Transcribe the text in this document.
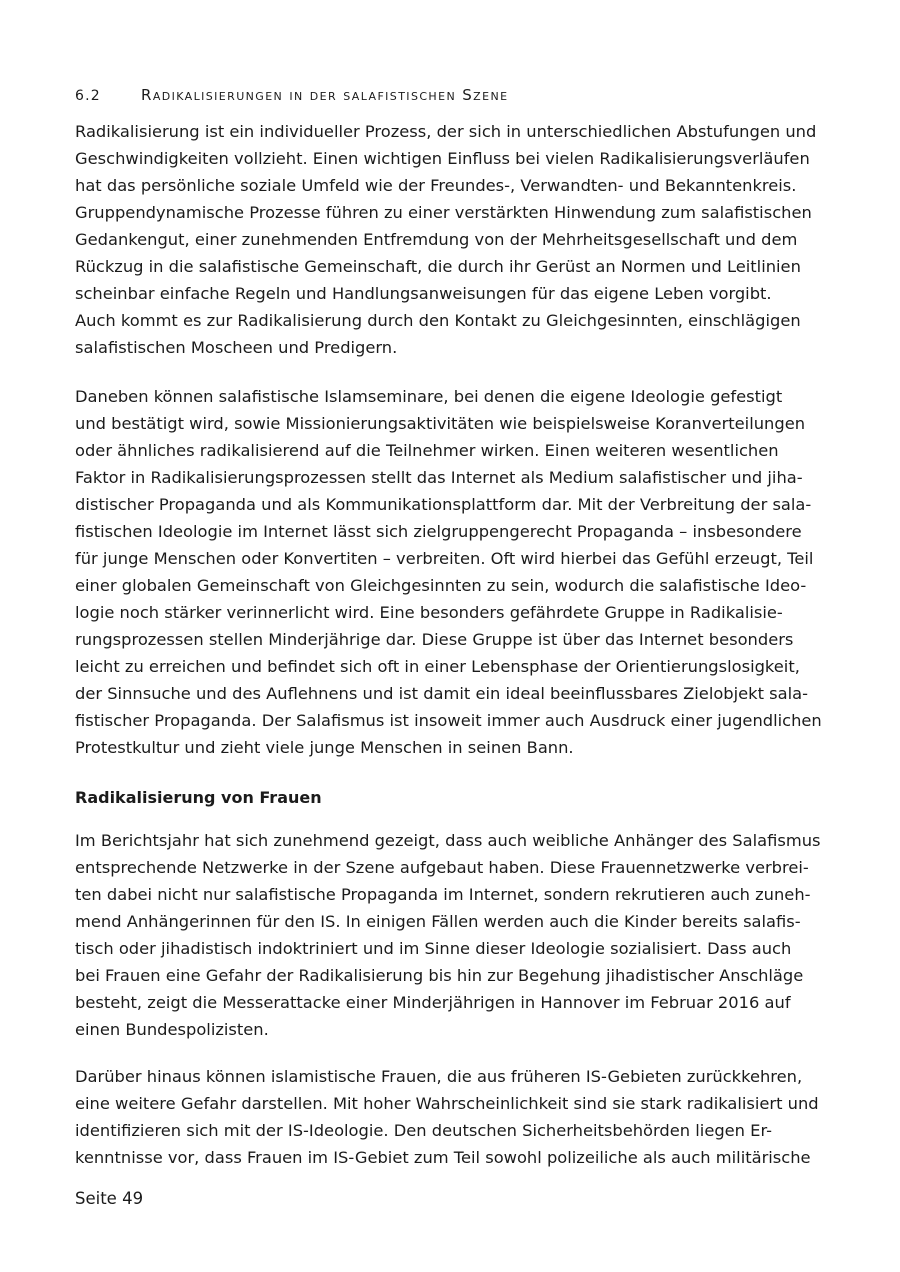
6.2	Radikalisierungen in der salafistischen Szene
Radikalisierung ist ein individueller Prozess, der sich in unterschiedlichen Abstufungen und
Geschwindigkeiten vollzieht. Einen wichtigen Einfluss bei vielen Radikalisierungsverläufen
hat das persönliche soziale Umfeld wie der Freundes-, Verwandten- und Bekanntenkreis.
Gruppendynamische Prozesse führen zu einer verstärkten Hinwendung zum salafistischen
Gedankengut, einer zunehmenden Entfremdung von der Mehrheitsgesellschaft und dem
Rückzug in die salafistische Gemeinschaft, die durch ihr Gerüst an Normen und Leitlinien
scheinbar einfache Regeln und Handlungsanweisungen für das eigene Leben vorgibt.
Auch kommt es zur Radikalisierung durch den Kontakt zu Gleichgesinnten, einschlägigen
salafistischen Moscheen und Predigern.
Daneben können salafistische Islamseminare, bei denen die eigene Ideologie gefestigt
und bestätigt wird, sowie Missionierungsaktivitäten wie beispielsweise Koranverteilungen
oder ähnliches radikalisierend auf die Teilnehmer wirken. Einen weiteren wesentlichen
Faktor in Radikalisierungsprozessen stellt das Internet als Medium salafistischer und jiha-
distischer Propaganda und als Kommunikationsplattform dar. Mit der Verbreitung der sala-
fistischen Ideologie im Internet lässt sich zielgruppengerecht Propaganda – insbesondere
für junge Menschen oder Konvertiten – verbreiten. Oft wird hierbei das Gefühl erzeugt, Teil
einer globalen Gemeinschaft von Gleichgesinnten zu sein, wodurch die salafistische Ideo-
logie noch stärker verinnerlicht wird. Eine besonders gefährdete Gruppe in Radikalisie-
rungsprozessen stellen Minderjährige dar. Diese Gruppe ist über das Internet besonders
leicht zu erreichen und befindet sich oft in einer Lebensphase der Orientierungslosigkeit,
der Sinnsuche und des Auflehnens und ist damit ein ideal beeinflussbares Zielobjekt sala-
fistischer Propaganda. Der Salafismus ist insoweit immer auch Ausdruck einer jugendlichen
Protestkultur und zieht viele junge Menschen in seinen Bann.
Radikalisierung von Frauen
Im Berichtsjahr hat sich zunehmend gezeigt, dass auch weibliche Anhänger des Salafismus
entsprechende Netzwerke in der Szene aufgebaut haben. Diese Frauennetzwerke verbrei-
ten dabei nicht nur salafistische Propaganda im Internet, sondern rekrutieren auch zuneh-
mend Anhängerinnen für den IS. In einigen Fällen werden auch die Kinder bereits salafis-
tisch oder jihadistisch indoktriniert und im Sinne dieser Ideologie sozialisiert. Dass auch
bei Frauen eine Gefahr der Radikalisierung bis hin zur Begehung jihadistischer Anschläge
besteht, zeigt die Messerattacke einer Minderjährigen in Hannover im Februar 2016 auf
einen Bundespolizisten.
Darüber hinaus können islamistische Frauen, die aus früheren IS-Gebieten zurückkehren,
eine weitere Gefahr darstellen. Mit hoher Wahrscheinlichkeit sind sie stark radikalisiert und
identifizieren sich mit der IS-Ideologie. Den deutschen Sicherheitsbehörden liegen Er-
kenntnisse vor, dass Frauen im IS-Gebiet zum Teil sowohl polizeiliche als auch militärische
Seite 49
